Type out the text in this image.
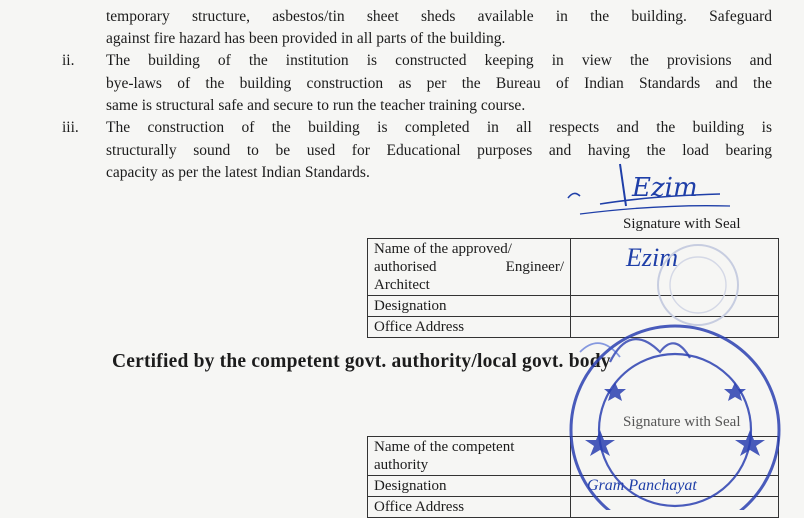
temporary structure, asbestos/tin sheet sheds available in the building. Safeguard
against fire hazard has been provided in all parts of the building.
ii. The building of the institution is constructed keeping in view the provisions and
bye-laws of the building construction as per the Bureau of Indian Standards and the
same is structural safe and secure to run the teacher training course.
iii. The construction of the building is completed in all respects and the building is
structurally sound to be used for Educational purposes and having the load bearing
capacity as per the latest Indian Standards.
Ezim
Signature with Seal
Name of the approved/
authorised Engineer/
Architect	Ezim

Designation	
Office Address	
Certified by the competent govt. authority/local govt. body
Signature with Seal
Name of the competent
authority	

Designation	Gram Panchayat
Office Address	
